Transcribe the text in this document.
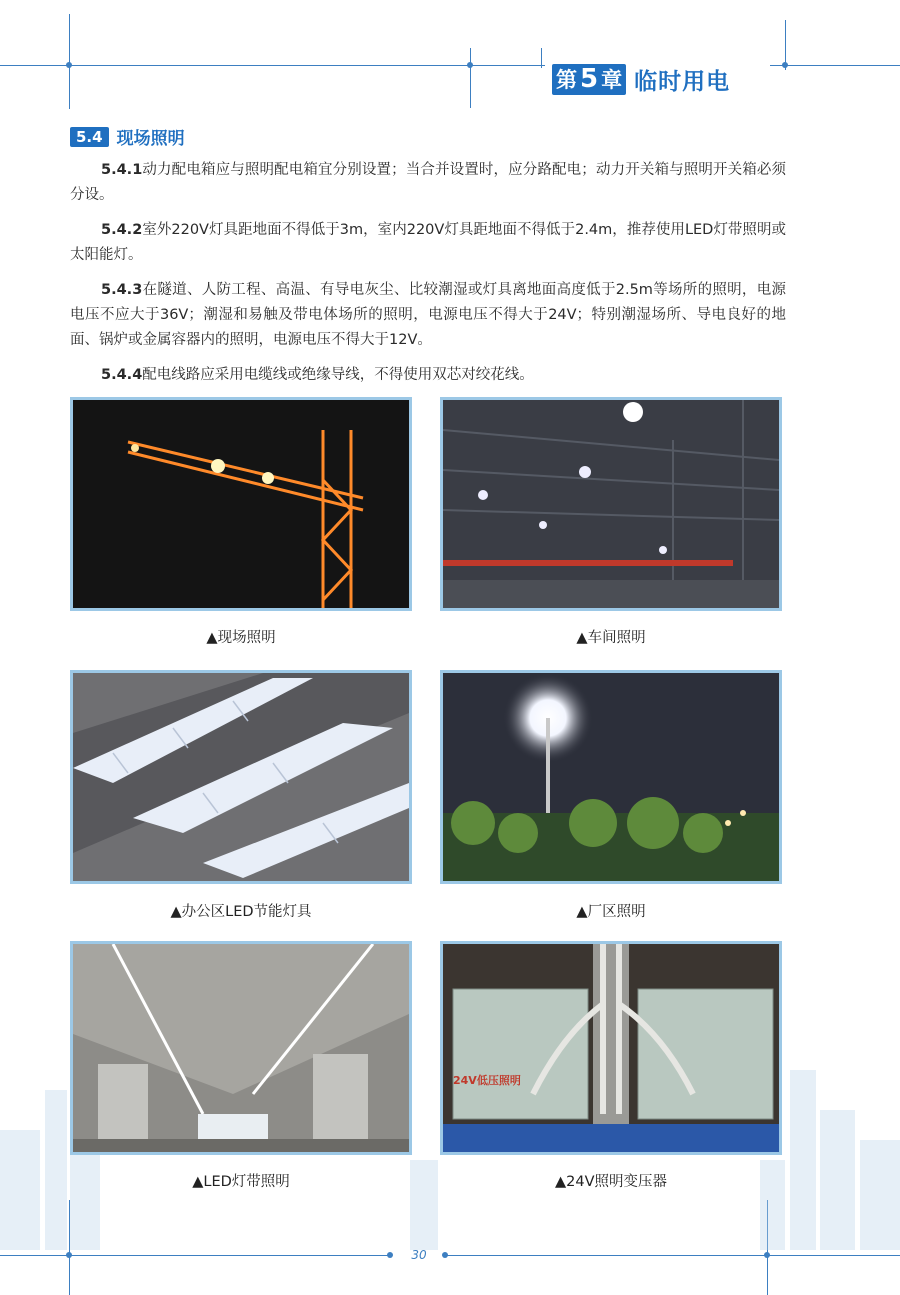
第 5 章 临时用电
5.4 现场照明

5.4.1动力配电箱应与照明配电箱宜分别设置；当合并设置时，应分路配电；动力开关箱与照明开关箱必须分设。

5.4.2室外220V灯具距地面不得低于3m，室内220V灯具距地面不得低于2.4m，推荐使用LED灯带照明或太阳能灯。

5.4.3在隧道、人防工程、高温、有导电灰尘、比较潮湿或灯具离地面高度低于2.5m等场所的照明，电源电压不应大于36V；潮湿和易触及带电体场所的照明，电源电压不得大于24V；特别潮湿场所、导电良好的地面、锅炉或金属容器内的照明，电源电压不得大于12V。

5.4.4配电线路应采用电缆线或绝缘导线，不得使用双芯对绞花线。

▲现场照明	▲车间照明
▲办公区LED节能灯具	▲厂区照明
▲LED灯带照明
24V低压照明
▲24V照明变压器
30
